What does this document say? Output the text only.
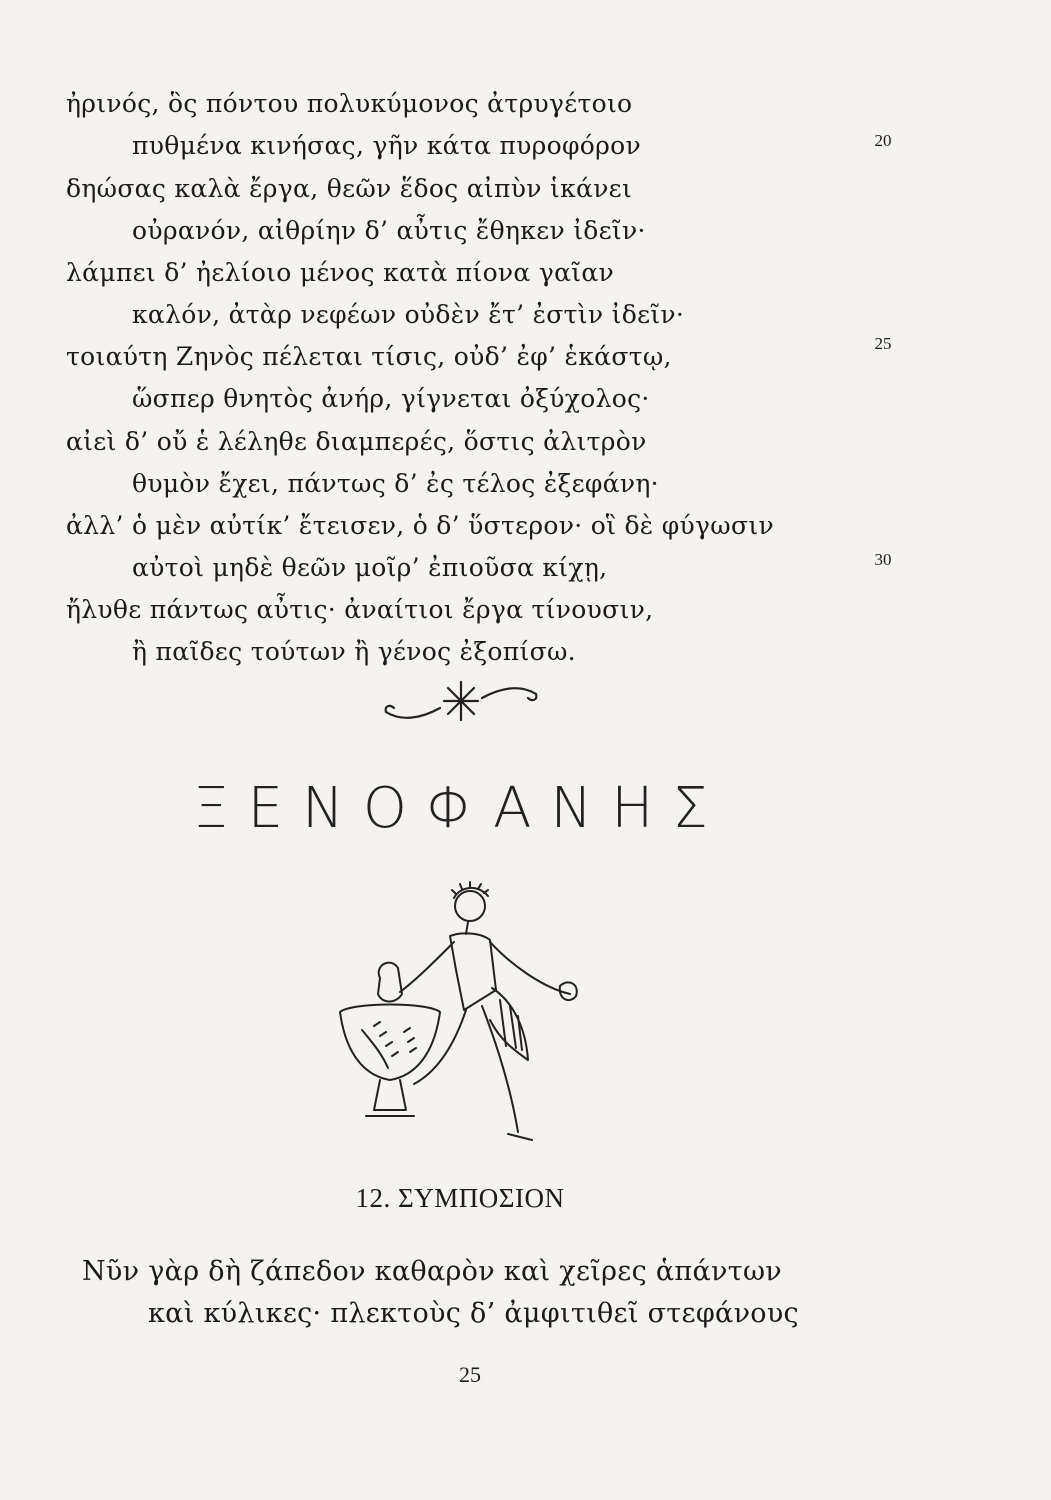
ἠρινός, ὃς πόντου πολυκύμονος ἀτρυγέτοιο
πυθμένα κινήσας, γῆν κάτα πυροφόρον
δηώσας καλὰ ἔργα, θεῶν ἕδος αἰπὺν ἱκάνει
οὐρανόν, αἰθρίην δ’ αὖτις ἔθηκεν ἰδεῖν·
λάμπει δ’ ἠελίοιο μένος κατὰ πίονα γαῖαν
καλόν, ἀτὰρ νεφέων οὐδὲν ἔτ’ ἐστὶν ἰδεῖν·
τοιαύτη Ζηνὸς πέλεται τίσις, οὐδ’ ἐφ’ ἑκάστῳ,
ὥσπερ θνητὸς ἀνήρ, γίγνεται ὀξύχολος·
αἰεὶ δ’ οὔ ἑ λέληθε διαμπερές, ὅστις ἀλιτρὸν
θυμὸν ἔχει, πάντως δ’ ἐς τέλος ἐξεφάνη·
ἀλλ’ ὁ μὲν αὐτίκ’ ἔτεισεν, ὁ δ’ ὕστερον· οἳ δὲ φύγωσιν
αὐτοὶ μηδὲ θεῶν μοῖρ’ ἐπιοῦσα κίχῃ,
ἤλυθε πάντως αὖτις· ἀναίτιοι ἔργα τίνουσιν,
ἢ παῖδες τούτων ἢ γένος ἐξοπίσω.
20
25
30
ΞΕΝΟΦΑΝΗΣ
12. ΣΥΜΠΟΣΙΟΝ
Νῦν γὰρ δὴ ζάπεδον καθαρὸν καὶ χεῖρες ἁπάντων
καὶ κύλικες· πλεκτοὺς δ’ ἀμφιτιθεῖ στεφάνους
25
